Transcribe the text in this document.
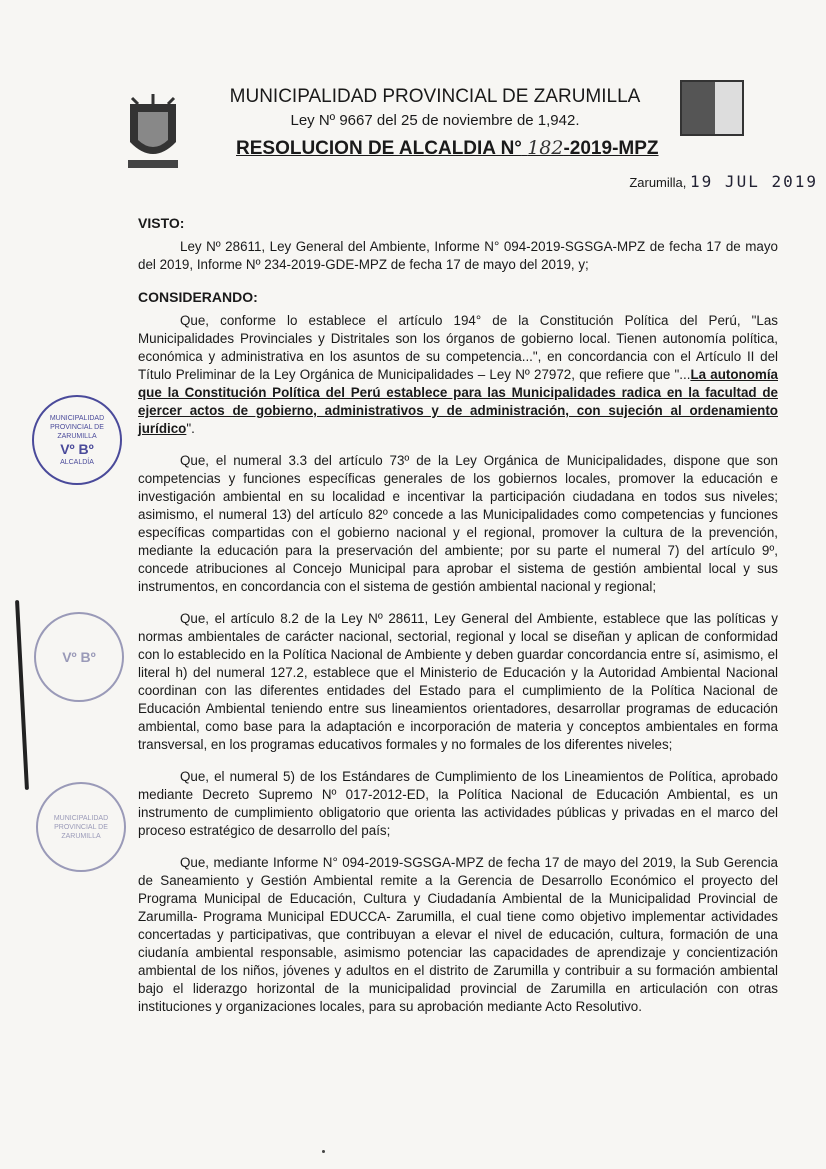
MUNICIPALIDAD PROVINCIAL DE ZARUMILLA
Ley Nº 9667 del 25 de noviembre de 1,942.
RESOLUCION DE ALCALDIA N° 182-2019-MPZ
Zarumilla, 19 JUL 2019
VISTO:
Ley Nº 28611, Ley General del Ambiente, Informe N° 094-2019-SGSGA-MPZ de fecha 17 de mayo del 2019, Informe Nº 234-2019-GDE-MPZ de fecha 17 de mayo del 2019, y;
CONSIDERANDO:
Que, conforme lo establece el artículo 194° de la Constitución Política del Perú, "Las Municipalidades Provinciales y Distritales son los órganos de gobierno local. Tienen autonomía política, económica y administrativa en los asuntos de su competencia...", en concordancia con el Artículo II del Título Preliminar de la Ley Orgánica de Municipalidades – Ley Nº 27972, que refiere que "...La autonomía que la Constitución Política del Perú establece para las Municipalidades radica en la facultad de ejercer actos de gobierno, administrativos y de administración, con sujeción al ordenamiento jurídico".
Que, el numeral 3.3 del artículo 73º de la Ley Orgánica de Municipalidades, dispone que son competencias y funciones específicas generales de los gobiernos locales, promover la educación e investigación ambiental en su localidad e incentivar la participación ciudadana en todos sus niveles; asimismo, el numeral 13) del artículo 82º concede a las Municipalidades como competencias y funciones específicas compartidas con el gobierno nacional y el regional, promover la cultura de la prevención, mediante la educación para la preservación del ambiente; por su parte el numeral 7) del artículo 9º, concede atribuciones al Concejo Municipal para aprobar el sistema de gestión ambiental local y sus instrumentos, en concordancia con el sistema de gestión ambiental nacional y regional;
Que, el artículo 8.2 de la Ley Nº 28611, Ley General del Ambiente, establece que las políticas y normas ambientales de carácter nacional, sectorial, regional y local se diseñan y aplican de conformidad con lo establecido en la Política Nacional de Ambiente y deben guardar concordancia entre sí, asimismo, el literal h) del numeral 127.2, establece que el Ministerio de Educación y la Autoridad Ambiental Nacional coordinan con las diferentes entidades del Estado para el cumplimiento de la Política Nacional de Educación Ambiental teniendo entre sus lineamientos orientadores, desarrollar programas de educación ambiental, como base para la adaptación e incorporación de materia y conceptos ambientales en forma transversal, en los programas educativos formales y no formales de los diferentes niveles;
Que, el numeral 5) de los Estándares de Cumplimiento de los Lineamientos de Política, aprobado mediante Decreto Supremo Nº 017-2012-ED, la Política Nacional de Educación Ambiental, es un instrumento de cumplimiento obligatorio que orienta las actividades públicas y privadas en el marco del proceso estratégico de desarrollo del país;
Que, mediante Informe N° 094-2019-SGSGA-MPZ de fecha 17 de mayo del 2019, la Sub Gerencia de Saneamiento y Gestión Ambiental remite a la Gerencia de Desarrollo Económico el proyecto del Programa Municipal de Educación, Cultura y Ciudadanía Ambiental de la Municipalidad Provincial de Zarumilla- Programa Municipal EDUCCA- Zarumilla, el cual tiene como objetivo implementar actividades concertadas y participativas, que contribuyan a elevar el nivel de educación, cultura, formación de una ciudanía ambiental responsable, asimismo potenciar las capacidades de aprendizaje y concientización ambiental de los niños, jóvenes y adultos en el distrito de Zarumilla y contribuir a su formación ambiental bajo el liderazgo horizontal de la municipalidad provincial de Zarumilla en articulación con otras instituciones y organizaciones locales, para su aprobación mediante Acto Resolutivo.
MUNICIPALIDAD PROVINCIAL DE ZARUMILLA
Vº Bº
ALCALDÍA
Vº Bº
MUNICIPALIDAD PROVINCIAL DE ZARUMILLA
